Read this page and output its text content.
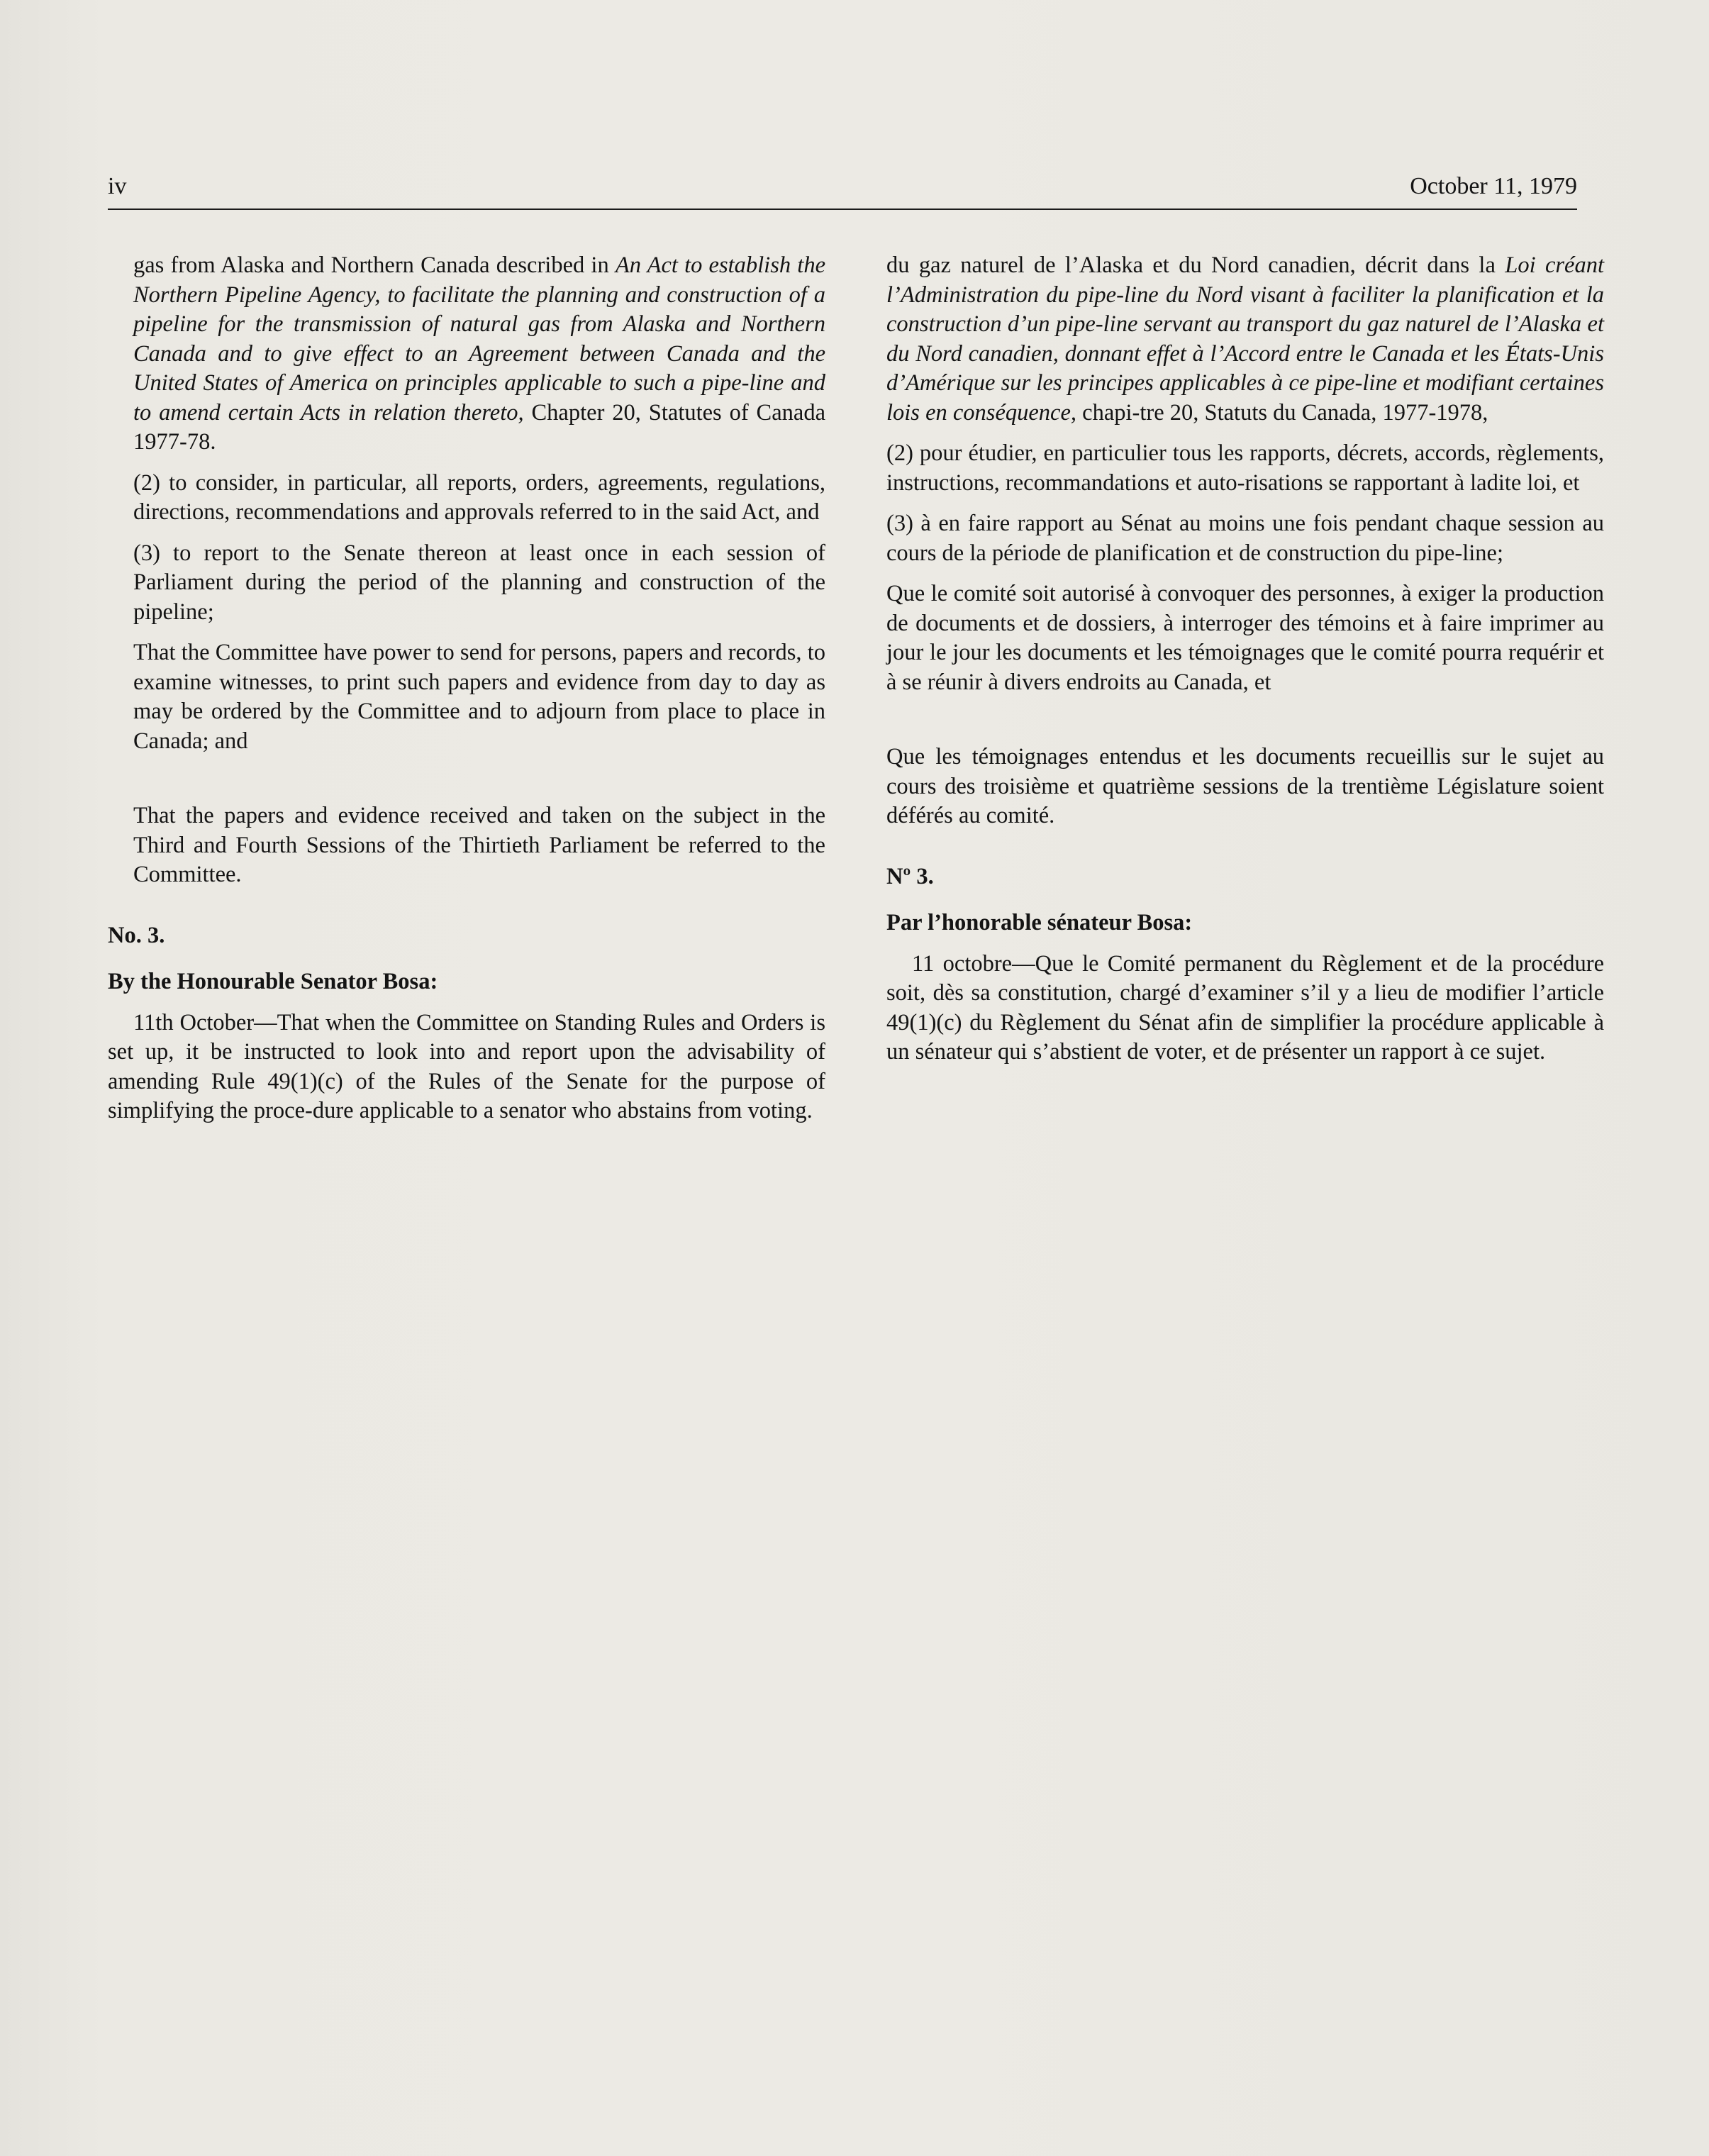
iv	October 11, 1979

gas from Alaska and Northern Canada described in An Act to establish the Northern Pipeline Agency, to facilitate the planning and construction of a pipeline for the transmission of natural gas from Alaska and Northern Canada and to give effect to an Agreement between Canada and the United States of America on principles applicable to such a pipe-line and to amend certain Acts in relation thereto, Chapter 20, Statutes of Canada 1977-78.

(2) to consider, in particular, all reports, orders, agreements, regulations, directions, recommendations and approvals referred to in the said Act, and

(3) to report to the Senate thereon at least once in each session of Parliament during the period of the planning and construction of the pipeline;

That the Committee have power to send for persons, papers and records, to examine witnesses, to print such papers and evidence from day to day as may be ordered by the Committee and to adjourn from place to place in Canada; and

That the papers and evidence received and taken on the subject in the Third and Fourth Sessions of the Thirtieth Parliament be referred to the Committee.

No. 3.

By the Honourable Senator Bosa:

11th October—That when the Committee on Standing Rules and Orders is set up, it be instructed to look into and report upon the advisability of amending Rule 49(1)(c) of the Rules of the Senate for the purpose of simplifying the proce-dure applicable to a senator who abstains from voting.

du gaz naturel de l’Alaska et du Nord canadien, décrit dans la Loi créant l’Administration du pipe-line du Nord visant à faciliter la planification et la construction d’un pipe-line servant au transport du gaz naturel de l’Alaska et du Nord canadien, donnant effet à l’Accord entre le Canada et les États-Unis d’Amérique sur les principes applicables à ce pipe-line et modifiant certaines lois en conséquence, chapi-tre 20, Statuts du Canada, 1977-1978,

(2) pour étudier, en particulier tous les rapports, décrets, accords, règlements, instructions, recommandations et auto-risations se rapportant à ladite loi, et

(3) à en faire rapport au Sénat au moins une fois pendant chaque session au cours de la période de planification et de construction du pipe-line;

Que le comité soit autorisé à convoquer des personnes, à exiger la production de documents et de dossiers, à interroger des témoins et à faire imprimer au jour le jour les documents et les témoignages que le comité pourra requérir et à se réunir à divers endroits au Canada, et

Que les témoignages entendus et les documents recueillis sur le sujet au cours des troisième et quatrième sessions de la trentième Législature soient déférés au comité.

Nº 3.

Par l’honorable sénateur Bosa:

11 octobre—Que le Comité permanent du Règlement et de la procédure soit, dès sa constitution, chargé d’examiner s’il y a lieu de modifier l’article 49(1)(c) du Règlement du Sénat afin de simplifier la procédure applicable à un sénateur qui s’abstient de voter, et de présenter un rapport à ce sujet.
